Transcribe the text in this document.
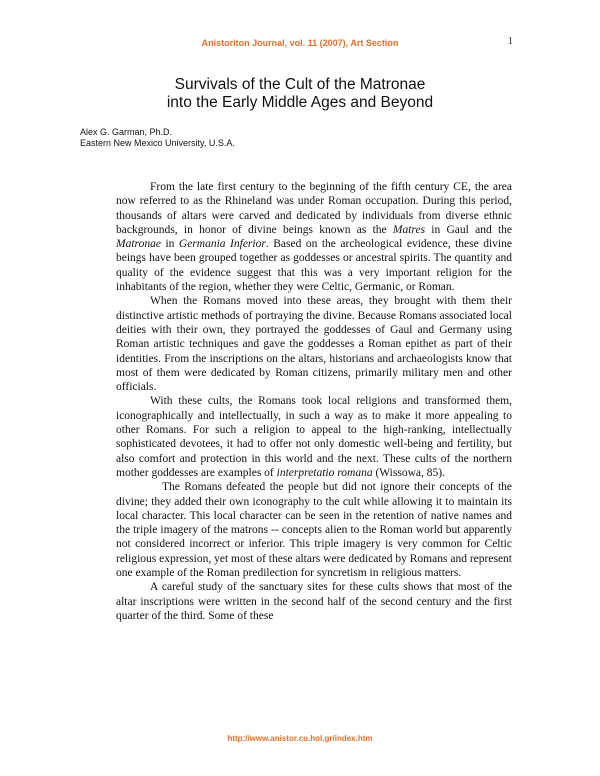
Anistoriton Journal, vol. 11 (2007), Art Section	1
Survivals of the Cult of the Matronae
into the Early Middle Ages and Beyond
Alex G. Garman, Ph.D.
Eastern New Mexico University, U.S.A.

From the late first century to the beginning of the fifth century CE, the area now referred to as the Rhineland was under Roman occupation. During this period, thousands of altars were carved and dedicated by individuals from diverse ethnic backgrounds, in honor of divine beings known as the Matres in Gaul and the Matronae in Germania Inferior. Based on the archeological evidence, these divine beings have been grouped together as goddesses or ancestral spirits. The quantity and quality of the evidence suggest that this was a very important religion for the inhabitants of the region, whether they were Celtic, Germanic, or Roman.

When the Romans moved into these areas, they brought with them their distinctive artistic methods of portraying the divine. Because Romans associated local deities with their own, they portrayed the goddesses of Gaul and Germany using Roman artistic techniques and gave the goddesses a Roman epithet as part of their identities. From the inscriptions on the altars, historians and archaeologists know that most of them were dedicated by Roman citizens, primarily military men and other officials.

With these cults, the Romans took local religions and transformed them, iconographically and intellectually, in such a way as to make it more appealing to other Romans. For such a religion to appeal to the high-ranking, intellectually sophisticated devotees, it had to offer not only domestic well-being and fertility, but also comfort and protection in this world and the next. These cults of the northern mother goddesses are examples of interpretatio romana (Wissowa, 85).

The Romans defeated the people but did not ignore their concepts of the divine; they added their own iconography to the cult while allowing it to maintain its local character. This local character can be seen in the retention of native names and the triple imagery of the matrons -- concepts alien to the Roman world but apparently not considered incorrect or inferior. This triple imagery is very common for Celtic religious expression, yet most of these altars were dedicated by Romans and represent one example of the Roman predilection for syncretism in religious matters.

A careful study of the sanctuary sites for these cults shows that most of the altar inscriptions were written in the second half of the second century and the first quarter of the third. Some of these

http://www.anistor.co.hol.gr/index.htm
